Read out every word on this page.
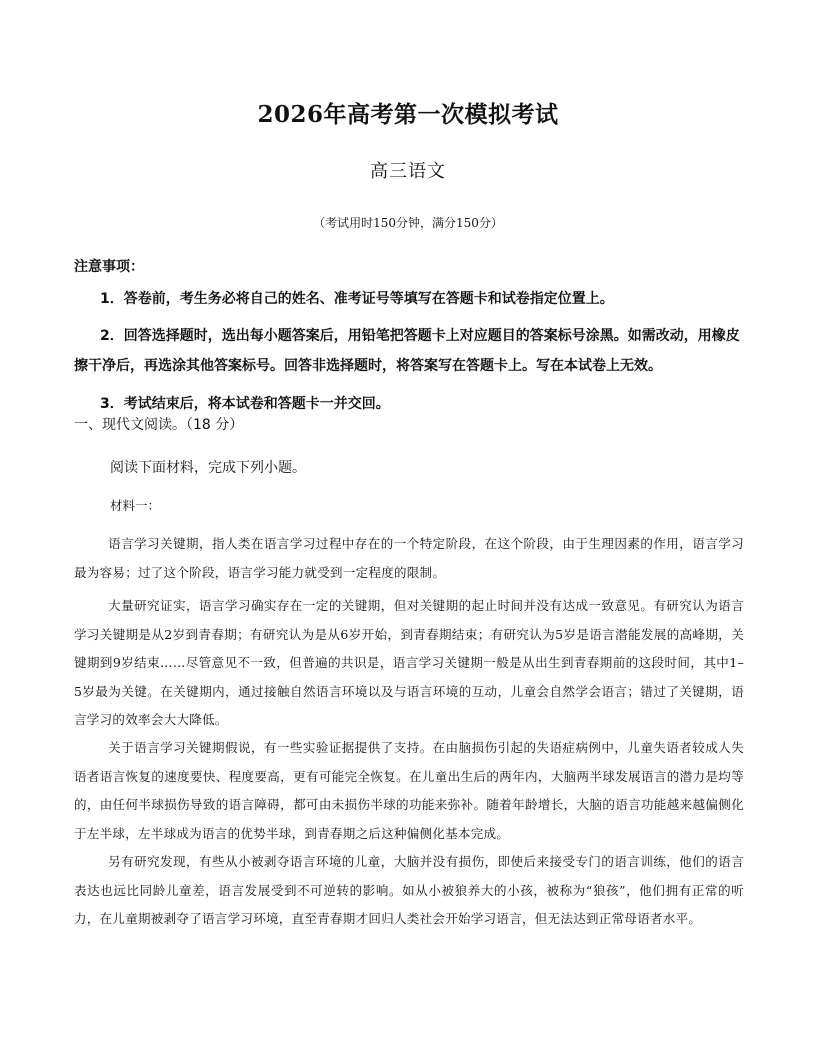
2026年高考第一次模拟考试
高三语文
（考试用时150分钟，满分150分）
注意事项：
1．答卷前，考生务必将自己的姓名、准考证号等填写在答题卡和试卷指定位置上。
2．回答选择题时，选出每小题答案后，用铅笔把答题卡上对应题目的答案标号涂黑。如需改动，用橡皮擦干净后，再选涂其他答案标号。回答非选择题时，将答案写在答题卡上。写在本试卷上无效。
3．考试结束后，将本试卷和答题卡一并交回。
一、现代文阅读。（18 分）
阅读下面材料，完成下列小题。
材料一：
语言学习关键期，指人类在语言学习过程中存在的一个特定阶段，在这个阶段，由于生理因素的作用，语言学习最为容易；过了这个阶段，语言学习能力就受到一定程度的限制。
大量研究证实，语言学习确实存在一定的关键期，但对关键期的起止时间并没有达成一致意见。有研究认为语言学习关键期是从2岁到青春期；有研究认为是从6岁开始，到青春期结束；有研究认为5岁是语言潜能发展的高峰期，关键期到9岁结束……尽管意见不一致，但普遍的共识是，语言学习关键期一般是从出生到青春期前的这段时间，其中1–5岁最为关键。在关键期内，通过接触自然语言环境以及与语言环境的互动，儿童会自然学会语言；错过了关键期，语言学习的效率会大大降低。
关于语言学习关键期假说，有一些实验证据提供了支持。在由脑损伤引起的失语症病例中，儿童失语者较成人失语者语言恢复的速度要快、程度要高，更有可能完全恢复。在儿童出生后的两年内，大脑两半球发展语言的潜力是均等的，由任何半球损伤导致的语言障碍，都可由未损伤半球的功能来弥补。随着年龄增长，大脑的语言功能越来越偏侧化于左半球，左半球成为语言的优势半球，到青春期之后这种偏侧化基本完成。
另有研究发现，有些从小被剥夺语言环境的儿童，大脑并没有损伤，即使后来接受专门的语言训练，他们的语言表达也远比同龄儿童差，语言发展受到不可逆转的影响。如从小被狼养大的小孩，被称为“狼孩”，他们拥有正常的听力，在儿童期被剥夺了语言学习环境，直至青春期才回归人类社会开始学习语言，但无法达到正常母语者水平。
